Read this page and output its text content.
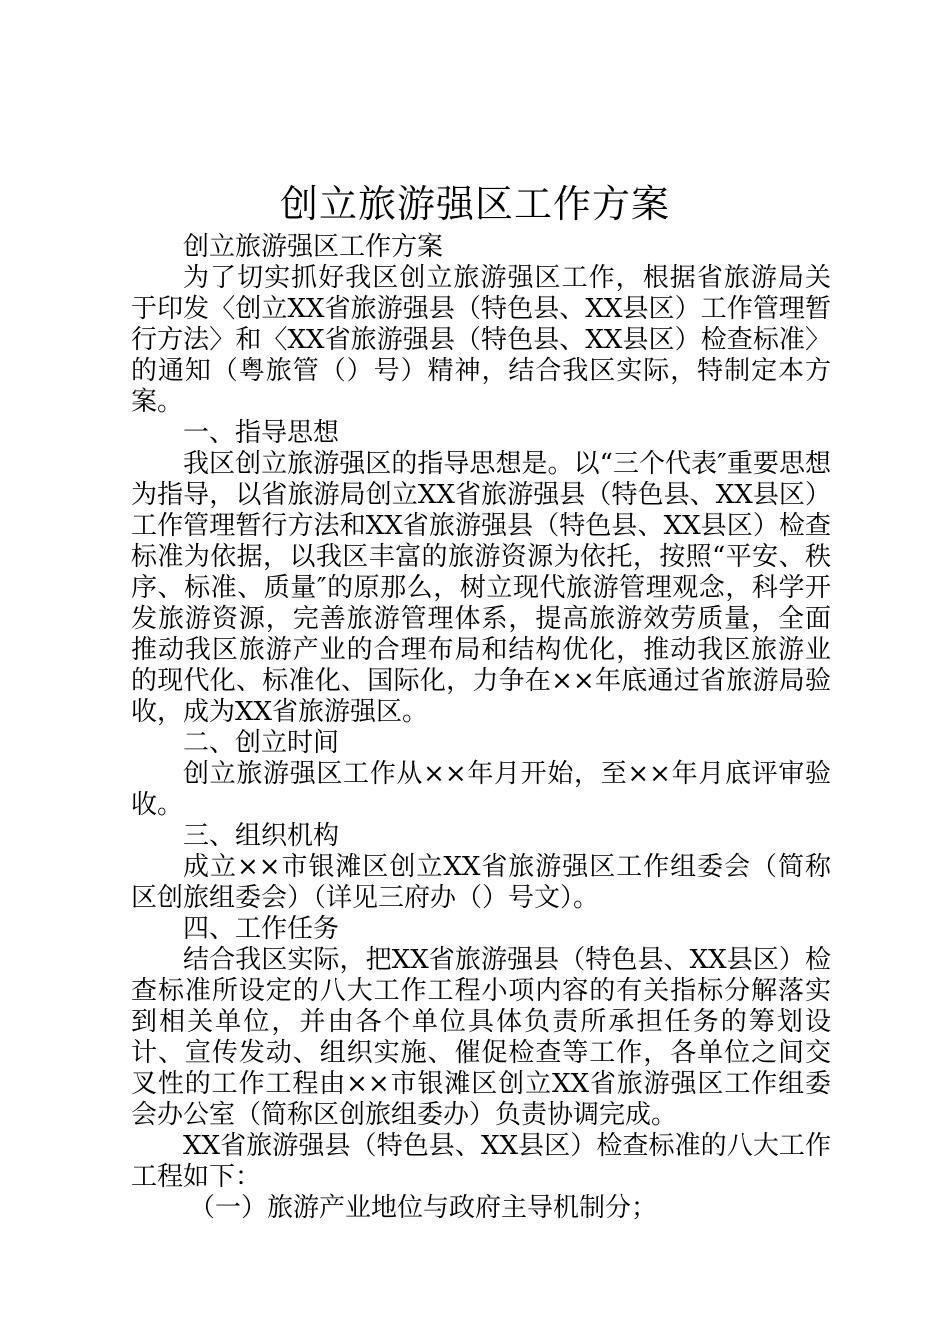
创立旅游强区工作方案

创立旅游强区工作方案

为了切实抓好我区创立旅游强区工作，根据省旅游局关于印发〈创立XX省旅游强县（特色县、XX县区）工作管理暂行方法〉和〈XX省旅游强县（特色县、XX县区）检查标准〉的通知（粤旅管（）号）精神，结合我区实际，特制定本方案。

一、指导思想

我区创立旅游强区的指导思想是。以“三个代表″重要思想为指导，以省旅游局创立XX省旅游强县（特色县、XX县区）工作管理暂行方法和XX省旅游强县（特色县、XX县区）检查标准为依据，以我区丰富的旅游资源为依托，按照“平安、秩序、标准、质量″的原那么，树立现代旅游管理观念，科学开发旅游资源，完善旅游管理体系，提高旅游效劳质量，全面推动我区旅游产业的合理布局和结构优化，推动我区旅游业的现代化、标准化、国际化，力争在××年底通过省旅游局验收，成为XX省旅游强区。

二、创立时间

创立旅游强区工作从××年月开始，至××年月底评审验收。

三、组织机构

成立××市银滩区创立XX省旅游强区工作组委会（简称区创旅组委会）（详见三府办（）号文）。

四、工作任务

结合我区实际，把XX省旅游强县（特色县、XX县区）检查标准所设定的八大工作工程小项内容的有关指标分解落实到相关单位，并由各个单位具体负责所承担任务的筹划设计、宣传发动、组织实施、催促检查等工作，各单位之间交叉性的工作工程由××市银滩区创立XX省旅游强区工作组委会办公室（简称区创旅组委办）负责协调完成。

XX省旅游强县（特色县、XX县区）检查标准的八大工作工程如下：

（一）旅游产业地位与政府主导机制分；
